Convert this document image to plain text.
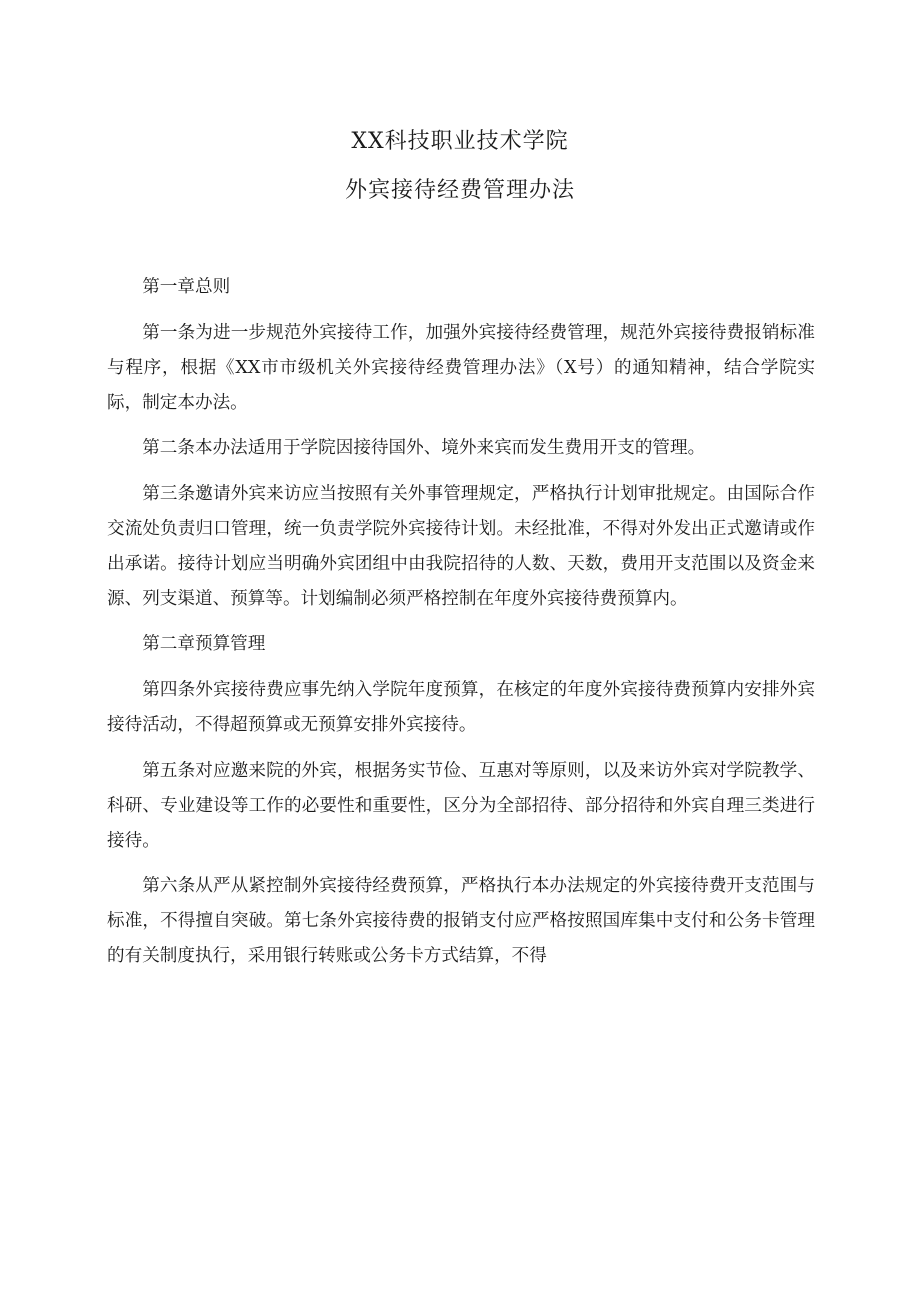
XX科技职业技术学院
外宾接待经费管理办法

第一章总则

第一条为进一步规范外宾接待工作，加强外宾接待经费管理，规范外宾接待费报销标准与程序，根据《XX市市级机关外宾接待经费管理办法》（X号）的通知精神，结合学院实际，制定本办法。

第二条本办法适用于学院因接待国外、境外来宾而发生费用开支的管理。

第三条邀请外宾来访应当按照有关外事管理规定，严格执行计划审批规定。由国际合作交流处负责归口管理，统一负责学院外宾接待计划。未经批准，不得对外发出正式邀请或作出承诺。接待计划应当明确外宾团组中由我院招待的人数、天数，费用开支范围以及资金来源、列支渠道、预算等。计划编制必须严格控制在年度外宾接待费预算内。

第二章预算管理

第四条外宾接待费应事先纳入学院年度预算，在核定的年度外宾接待费预算内安排外宾接待活动，不得超预算或无预算安排外宾接待。

第五条对应邀来院的外宾，根据务实节俭、互惠对等原则，以及来访外宾对学院教学、科研、专业建设等工作的必要性和重要性，区分为全部招待、部分招待和外宾自理三类进行接待。

第六条从严从紧控制外宾接待经费预算，严格执行本办法规定的外宾接待费开支范围与标准，不得擅自突破。第七条外宾接待费的报销支付应严格按照国库集中支付和公务卡管理的有关制度执行，采用银行转账或公务卡方式结算，不得
